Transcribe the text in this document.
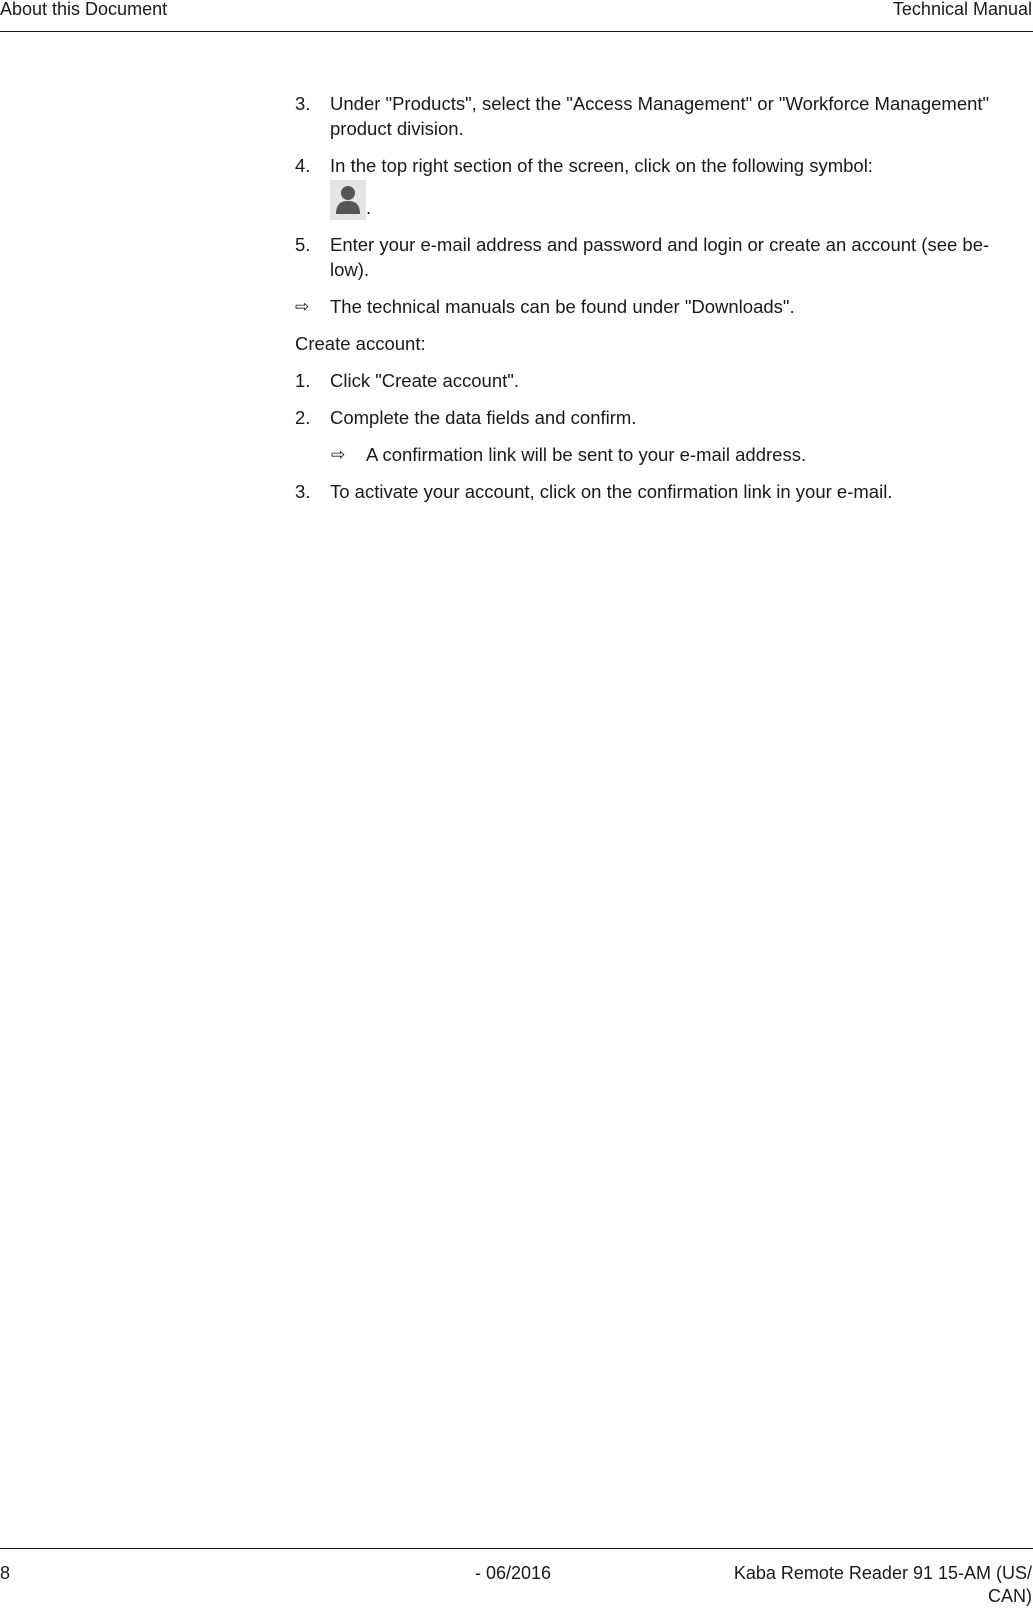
About this Document	Technical Manual
3. Under "Products", select the "Access Management" or "Workforce Management" product division.
4. In the top right section of the screen, click on the following symbol:

.
5. Enter your e-mail address and password and login or create an account (see be-low).
⇨ The technical manuals can be found under "Downloads".
Create account:
1. Click "Create account".
2. Complete the data fields and confirm.
⇨ A confirmation link will be sent to your e-mail address.
3. To activate your account, click on the confirmation link in your e-mail.
8	- 06/2016	Kaba Remote Reader 91 15-AM (US/ CAN)
